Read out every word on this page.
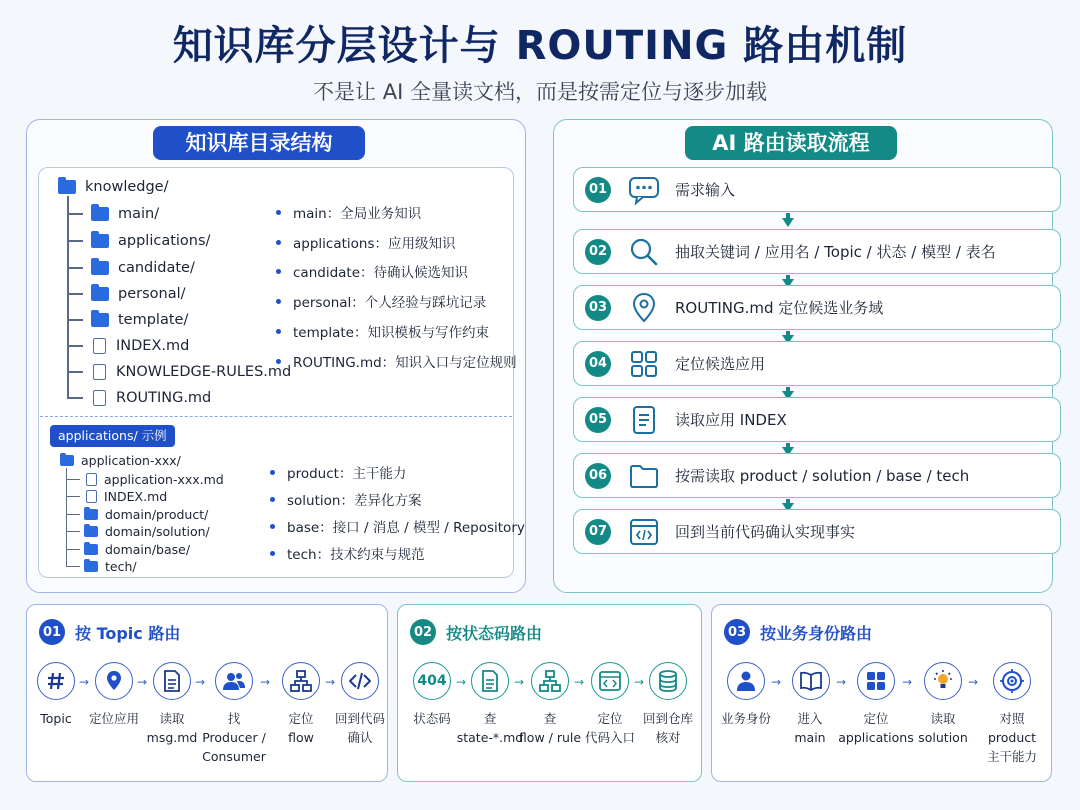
知识库分层设计与 ROUTING 路由机制
不是让 AI 全量读文档，而是按需定位与逐步加载
知识库目录结构
knowledge/
main/
applications/
candidate/
personal/
template/
INDEX.md
KNOWLEDGE-RULES.md
ROUTING.md
main：全局业务知识
applications：应用级知识
candidate：待确认候选知识
personal：个人经验与踩坑记录
template：知识模板与写作约束
ROUTING.md：知识入口与定位规则
applications/ 示例
application-xxx/
application-xxx.md
INDEX.md
domain/product/
domain/solution/
domain/base/
tech/
product：主干能力
solution：差异化方案
base：接口 / 消息 / 模型 / Repository
tech：技术约束与规范
AI 路由读取流程
01	需求输入
02	抽取关键词 / 应用名 / Topic / 状态 / 模型 / 表名
03	ROUTING.md 定位候选业务域
04	定位候选应用
05	读取应用 INDEX
06	按需读取 product / solution / base / tech
07	回到当前代码确认实现事实
01 按 Topic 路由
→	→	→	→	→
Topic	定位应用	读取
msg.md
找
Producer /
Consumer
定位
flow
回到代码
确认
02 按状态码路由
404 →	→	→	→
状态码	查
state-*.md
查
flow / rule
定位
代码入口
回到仓库
核对
03 按业务身份路由
→	→	→	→
业务身份	进入
main
定位
applications
读取
solution
对照
product
主干能力
